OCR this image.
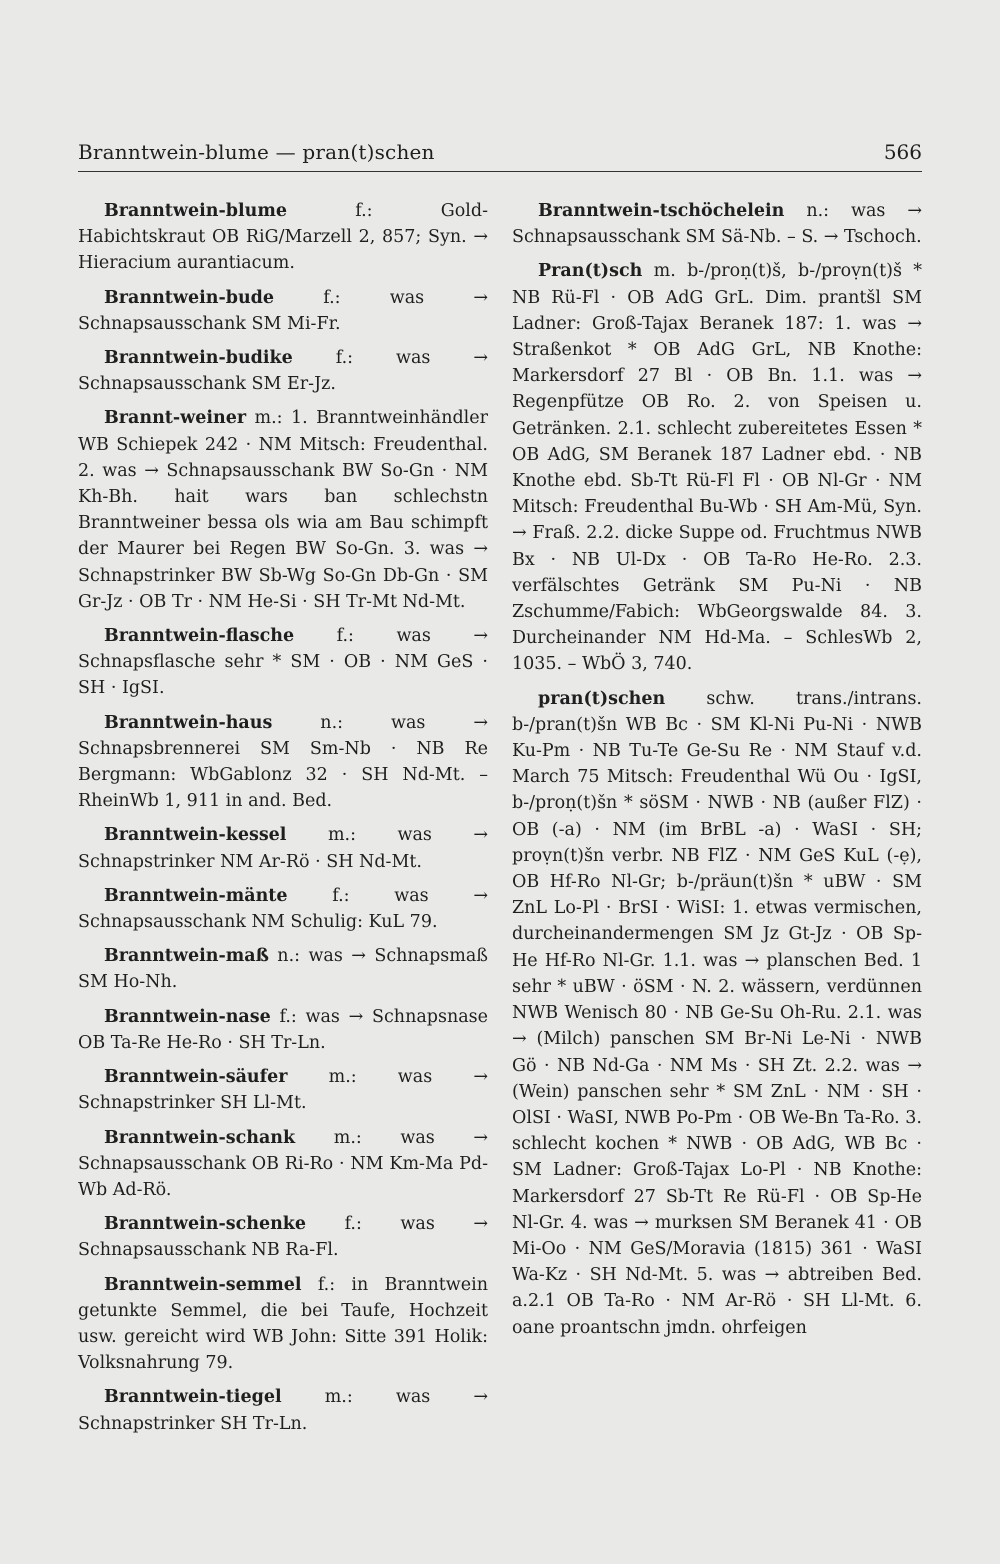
Branntwein-blume — pran(t)schen	566

Branntwein-blume f.: Gold-Habichtskraut OB RiG/Marzell 2, 857; Syn. → Hieracium aurantiacum.

Branntwein-bude f.: was → Schnapsausschank SM Mi-Fr.

Branntwein-budike f.: was → Schnapsausschank SM Er-Jz.

Brannt-weiner m.: 1. Branntweinhändler WB Schiepek 242 · NM Mitsch: Freudenthal. 2. was → Schnapsausschank BW So-Gn · NM Kh-Bh. hait wars ban schlechstn Branntweiner bessa ols wia am Bau schimpft der Maurer bei Regen BW So-Gn. 3. was → Schnapstrinker BW Sb-Wg So-Gn Db-Gn · SM Gr-Jz · OB Tr · NM He-Si · SH Tr-Mt Nd-Mt.

Branntwein-flasche f.: was → Schnapsflasche sehr * SM · OB · NM GeS · SH · IgSI.

Branntwein-haus n.: was → Schnapsbrennerei SM Sm-Nb · NB Re Bergmann: WbGablonz 32 · SH Nd-Mt. – RheinWb 1, 911 in and. Bed.

Branntwein-kessel m.: was → Schnapstrinker NM Ar-Rö · SH Nd-Mt.

Branntwein-mänte f.: was → Schnapsausschank NM Schulig: KuL 79.

Branntwein-maß n.: was → Schnapsmaß SM Ho-Nh.

Branntwein-nase f.: was → Schnapsnase OB Ta-Re He-Ro · SH Tr-Ln.

Branntwein-säufer m.: was → Schnapstrinker SH Ll-Mt.

Branntwein-schank m.: was → Schnapsausschank OB Ri-Ro · NM Km-Ma Pd-Wb Ad-Rö.

Branntwein-schenke f.: was → Schnapsausschank NB Ra-Fl.

Branntwein-semmel f.: in Branntwein getunkte Semmel, die bei Taufe, Hochzeit usw. gereicht wird WB John: Sitte 391 Holik: Volksnahrung 79.

Branntwein-tiegel m.: was → Schnapstrinker SH Tr-Ln.

Branntwein-tschöchelein n.: was → Schnapsausschank SM Sä-Nb. – S. → Tschoch.

Pran(t)sch m. b-/proṇ(t)š, b-/proṿn(t)š * NB Rü-Fl · OB AdG GrL. Dim. prantšl SM Ladner: Groß-Tajax Beranek 187: 1. was → Straßenkot * OB AdG GrL, NB Knothe: Markersdorf 27 Bl · OB Bn. 1.1. was → Regenpfütze OB Ro. 2. von Speisen u. Getränken. 2.1. schlecht zubereitetes Essen * OB AdG, SM Beranek 187 Ladner ebd. · NB Knothe ebd. Sb-Tt Rü-Fl Fl · OB Nl-Gr · NM Mitsch: Freudenthal Bu-Wb · SH Am-Mü, Syn. → Fraß. 2.2. dicke Suppe od. Fruchtmus NWB Bx · NB Ul-Dx · OB Ta-Ro He-Ro. 2.3. verfälschtes Getränk SM Pu-Ni · NB Zschumme/Fabich: WbGeorgswalde 84. 3. Durcheinander NM Hd-Ma. – SchlesWb 2, 1035. – WbÖ 3, 740.

pran(t)schen schw. trans./intrans. b-/pran(t)šn WB Bc · SM Kl-Ni Pu-Ni · NWB Ku-Pm · NB Tu-Te Ge-Su Re · NM Stauf v.d. March 75 Mitsch: Freudenthal Wü Ou · IgSI, b-/proṇ(t)šn * söSM · NWB · NB (außer FlZ) · OB (-a) · NM (im BrBL -a) · WaSI · SH; proṿn(t)šn verbr. NB FlZ · NM GeS KuL (-ẹ), OB Hf-Ro Nl-Gr; b-/präun(t)šn * uBW · SM ZnL Lo-Pl · BrSI · WiSI: 1. etwas vermischen, durcheinandermengen SM Jz Gt-Jz · OB Sp-He Hf-Ro Nl-Gr. 1.1. was → planschen Bed. 1 sehr * uBW · öSM · N. 2. wässern, verdünnen NWB Wenisch 80 · NB Ge-Su Oh-Ru. 2.1. was → (Milch) panschen SM Br-Ni Le-Ni · NWB Gö · NB Nd-Ga · NM Ms · SH Zt. 2.2. was → (Wein) panschen sehr * SM ZnL · NM · SH · OlSI · WaSI, NWB Po-Pm · OB We-Bn Ta-Ro. 3. schlecht kochen * NWB · OB AdG, WB Bc · SM Ladner: Groß-Tajax Lo-Pl · NB Knothe: Markersdorf 27 Sb-Tt Re Rü-Fl · OB Sp-He Nl-Gr. 4. was → murksen SM Beranek 41 · OB Mi-Oo · NM GeS/Moravia (1815) 361 · WaSI Wa-Kz · SH Nd-Mt. 5. was → abtreiben Bed. a.2.1 OB Ta-Ro · NM Ar-Rö · SH Ll-Mt. 6. oane proantschn jmdn. ohrfeigen
